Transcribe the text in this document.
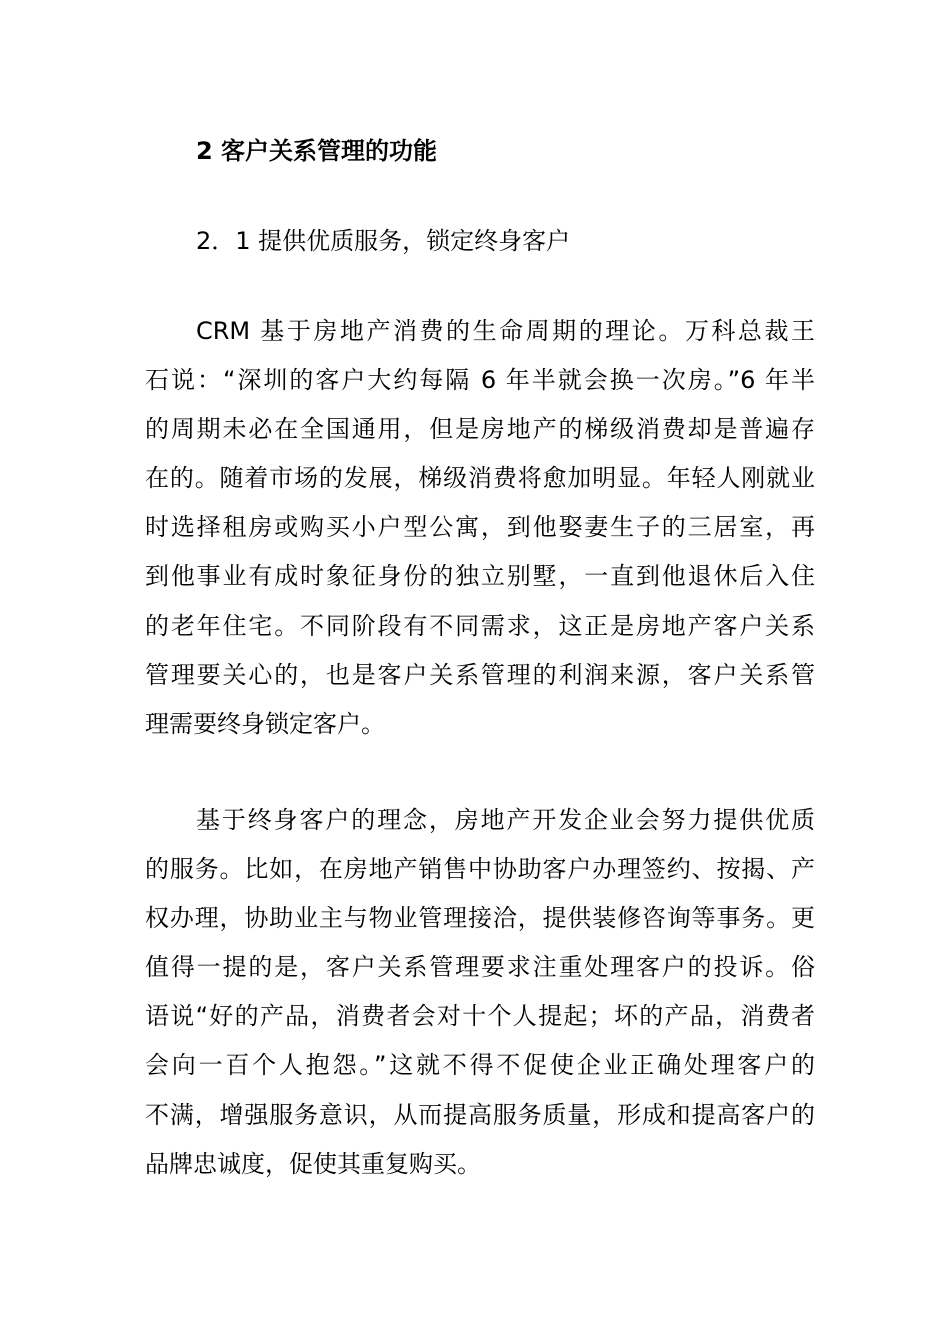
2 客户关系管理的功能
2．1 提供优质服务，锁定终身客户
CRM 基于房地产消费的生命周期的理论。万科总裁王
石说：“深圳的客户大约每隔 6 年半就会换一次房。”6 年半
的周期未必在全国通用，但是房地产的梯级消费却是普遍存
在的。随着市场的发展，梯级消费将愈加明显。年轻人刚就业
时选择租房或购买小户型公寓，到他娶妻生子的三居室，再
到他事业有成时象征身份的独立别墅，一直到他退休后入住
的老年住宅。不同阶段有不同需求，这正是房地产客户关系
管理要关心的，也是客户关系管理的利润来源，客户关系管
理需要终身锁定客户。
基于终身客户的理念，房地产开发企业会努力提供优质
的服务。比如，在房地产销售中协助客户办理签约、按揭、产
权办理，协助业主与物业管理接洽，提供装修咨询等事务。更
值得一提的是，客户关系管理要求注重处理客户的投诉。俗
语说“好的产品，消费者会对十个人提起；坏的产品，消费者
会向一百个人抱怨。”这就不得不促使企业正确处理客户的
不满，增强服务意识，从而提高服务质量，形成和提高客户的
品牌忠诚度，促使其重复购买。
